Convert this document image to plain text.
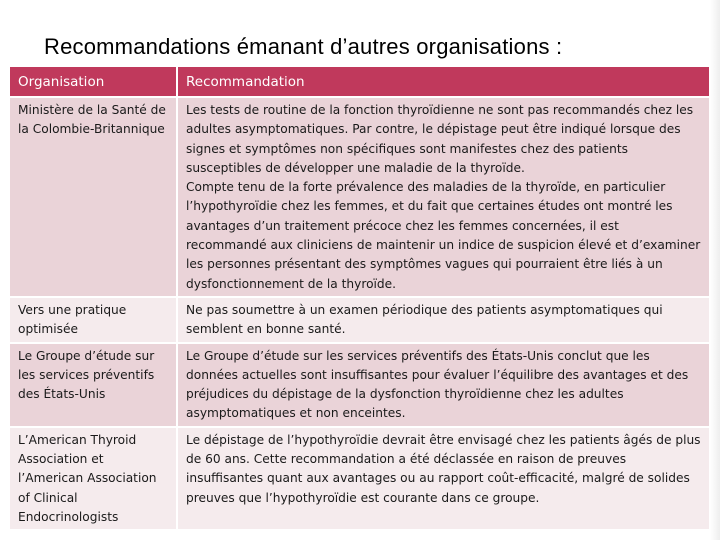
Recommandations émanant d’autres organisations :
Organisation	Recommandation
Ministère de la Santé de la Colombie-Britannique	Les tests de routine de la fonction thyroïdienne ne sont pas recommandés chez les adultes asymptomatiques. Par contre, le dépistage peut être indiqué lorsque des signes et symptômes non spécifiques sont manifestes chez des patients susceptibles de développer une maladie de la thyroïde.
Compte tenu de la forte prévalence des maladies de la thyroïde, en particulier l’hypothyroïdie chez les femmes, et du fait que certaines études ont montré les avantages d’un traitement précoce chez les femmes concernées, il est recommandé aux cliniciens de maintenir un indice de suspicion élevé et d’examiner les personnes présentant des symptômes vagues qui pourraient être liés à un dysfonctionnement de la thyroïde.

Vers une pratique optimisée	Ne pas soumettre à un examen périodique des patients asymptomatiques qui semblent en bonne santé.

Le Groupe d’étude sur les services préventifs des États-Unis	Le Groupe d’étude sur les services préventifs des États-Unis conclut que les données actuelles sont insuffisantes pour évaluer l’équilibre des avantages et des préjudices du dépistage de la dysfonction thyroïdienne chez les adultes asymptomatiques et non enceintes.

L’American Thyroid Association et l’American Association of Clinical Endocrinologists	Le dépistage de l’hypothyroïdie devrait être envisagé chez les patients âgés de plus de 60 ans. Cette recommandation a été déclassée en raison de preuves insuffisantes quant aux avantages ou au rapport coût-efficacité, malgré de solides preuves que l’hypothyroïdie est courante dans ce groupe.
